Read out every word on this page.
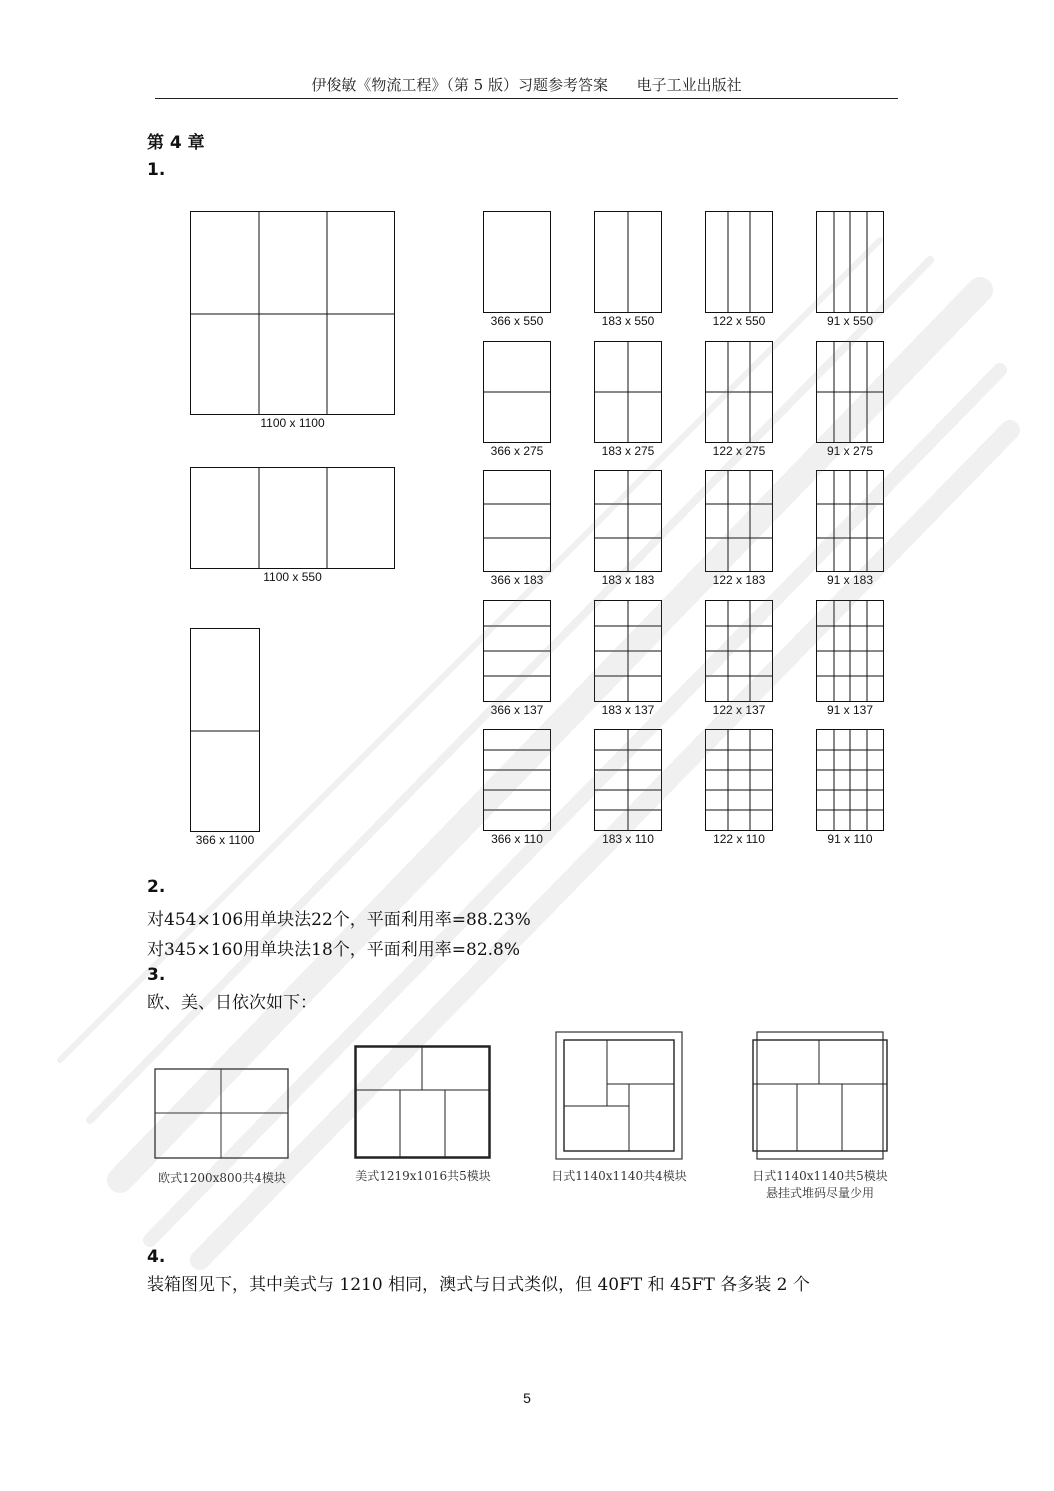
伊俊敏《物流工程》（第 5 版）习题参考答案 电子工业出版社
第 4 章
1.
1100 x 1100
1100 x 550
366 x 1100
366 x 550	183 x 550	122 x 550	91 x 550
366 x 275	183 x 275	122 x 275	91 x 275
366 x 183	183 x 183	122 x 183	91 x 183
366 x 137	183 x 137	122 x 137	91 x 137
366 x 110	183 x 110	122 x 110	91 x 110
2.
对454×106用单块法22个，平面利用率=88.23%
对345×160用单块法18个，平面利用率=82.8%
3.
欧、美、日依次如下：
欧式1200x800共4模块	美式1219x1016共5模块	日式1140x1140共4模块	日式1140x1140共5模块
悬挂式堆码尽量少用
4.
装箱图见下，其中美式与 1210 相同，澳式与日式类似，但 40FT 和 45FT 各多装 2 个
5
